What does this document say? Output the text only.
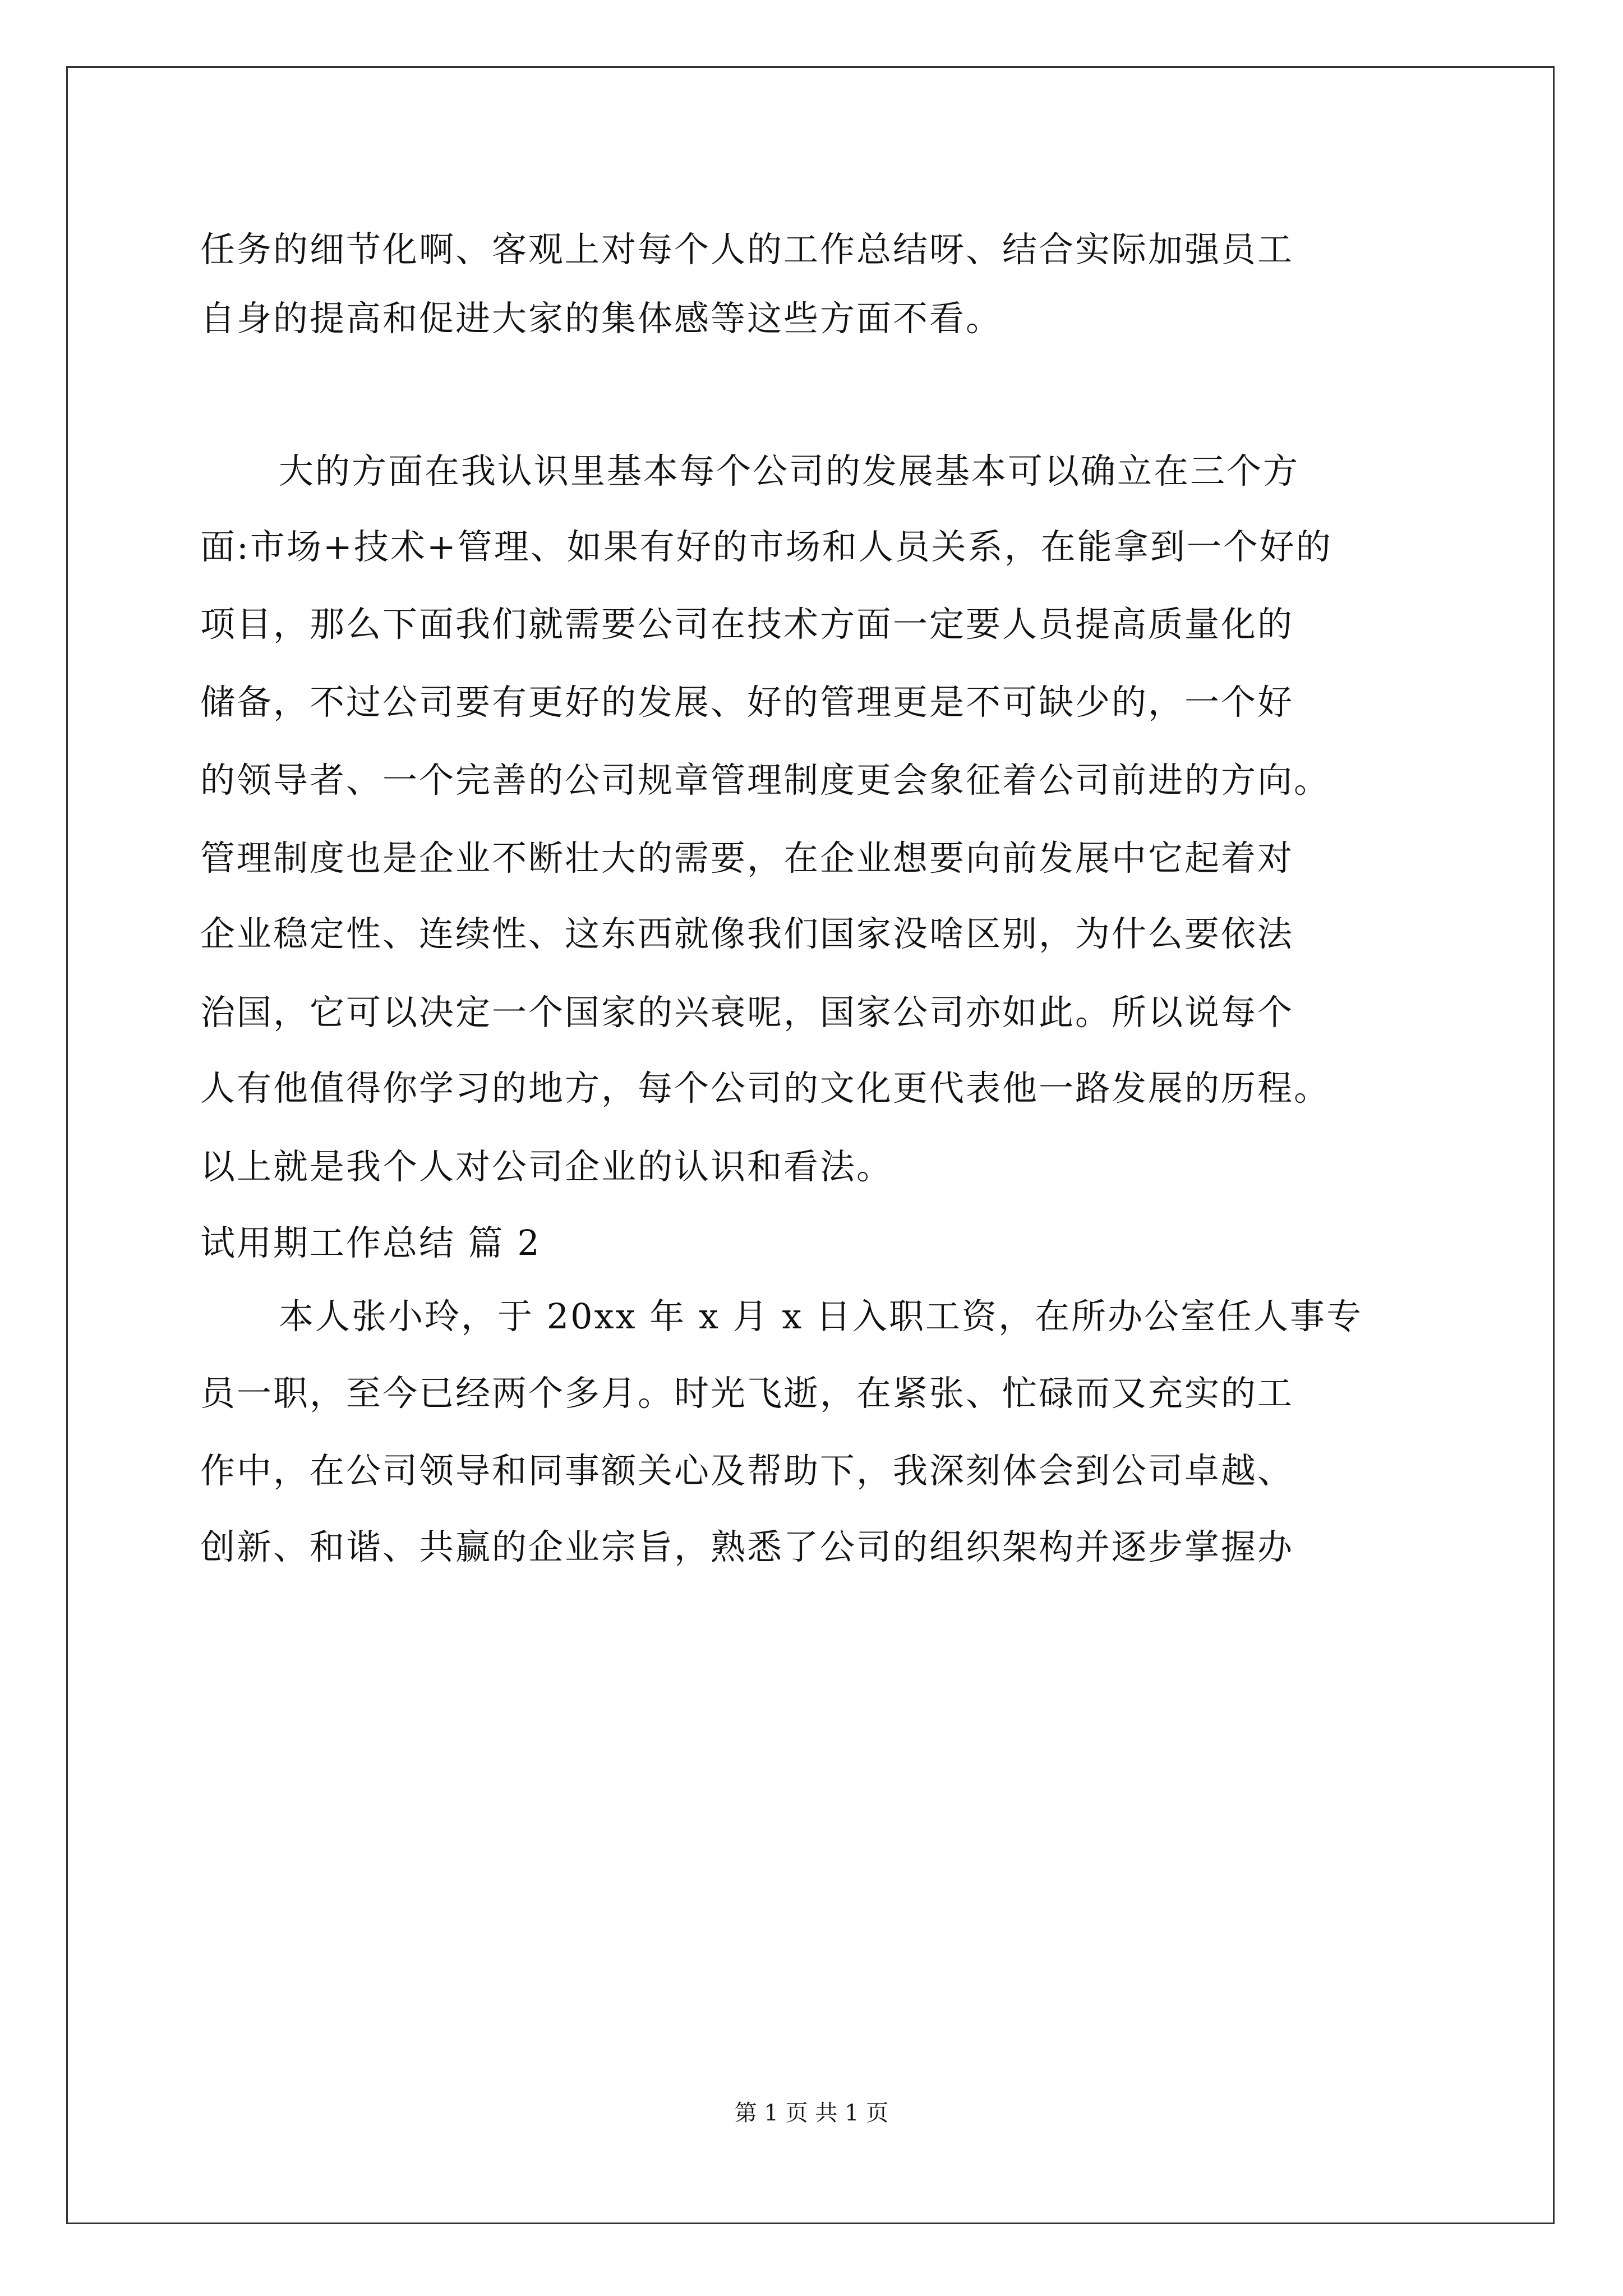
任务的细节化啊、客观上对每个人的工作总结呀、结合实际加强员工
自身的提高和促进大家的集体感等这些方面不看。
大的方面在我认识里基本每个公司的发展基本可以确立在三个方
面:市场+技术+管理、如果有好的市场和人员关系，在能拿到一个好的
项目，那么下面我们就需要公司在技术方面一定要人员提高质量化的
储备，不过公司要有更好的发展、好的管理更是不可缺少的，一个好
的领导者、一个完善的公司规章管理制度更会象征着公司前进的方向。
管理制度也是企业不断壮大的需要，在企业想要向前发展中它起着对
企业稳定性、连续性、这东西就像我们国家没啥区别，为什么要依法
治国，它可以决定一个国家的兴衰呢，国家公司亦如此。所以说每个
人有他值得你学习的地方，每个公司的文化更代表他一路发展的历程。
以上就是我个人对公司企业的认识和看法。
试用期工作总结 篇 2
本人张小玲，于 20xx 年 x 月 x 日入职工资，在所办公室任人事专
员一职，至今已经两个多月。时光飞逝，在紧张、忙碌而又充实的工
作中，在公司领导和同事额关心及帮助下，我深刻体会到公司卓越、
创新、和谐、共赢的企业宗旨，熟悉了公司的组织架构并逐步掌握办
第 1 页 共 1 页
